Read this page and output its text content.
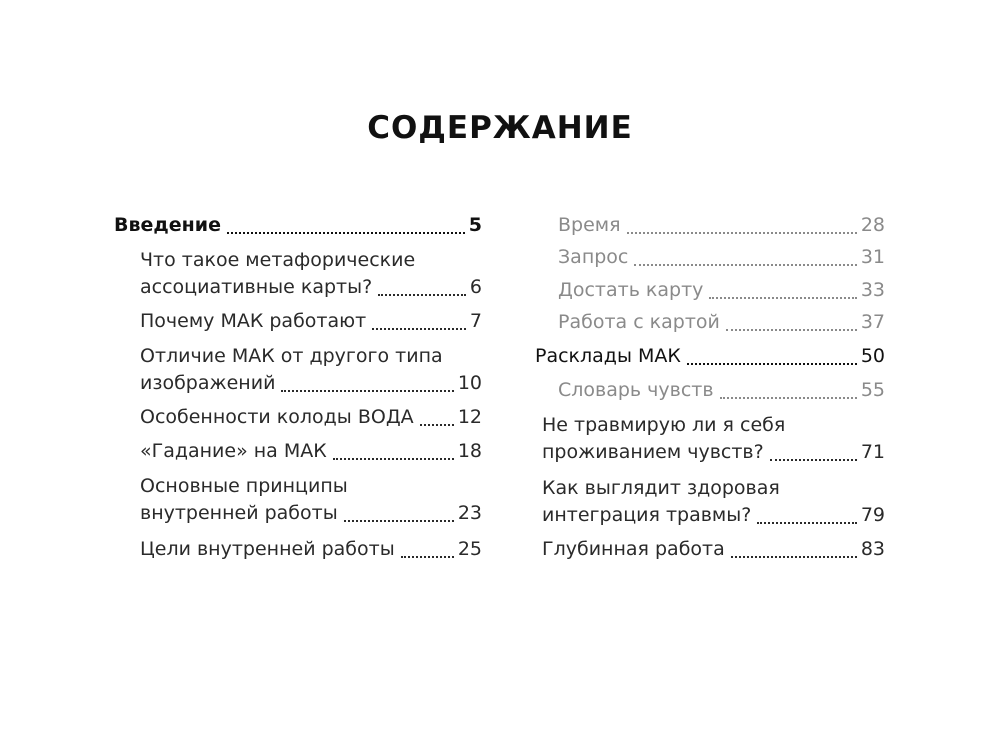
СОДЕРЖАНИЕ
Введение	5
Что такое метафорические
ассоциативные карты?	6
Почему МАК работают	7
Отличие МАК от другого типа
изображений	10
Особенности колоды ВОДА 12
«Гадание» на МАК	18
Основные принципы
внутренней работы	23
Цели внутренней работы	25
Время	28
Запрос	31
Достать карту	33
Работа с картой	37
Расклады МАК	50
Словарь чувств	55
Не травмирую ли я себя
проживанием чувств?	71
Как выглядит здоровая
интеграция травмы?	79
Глубинная работа	83
